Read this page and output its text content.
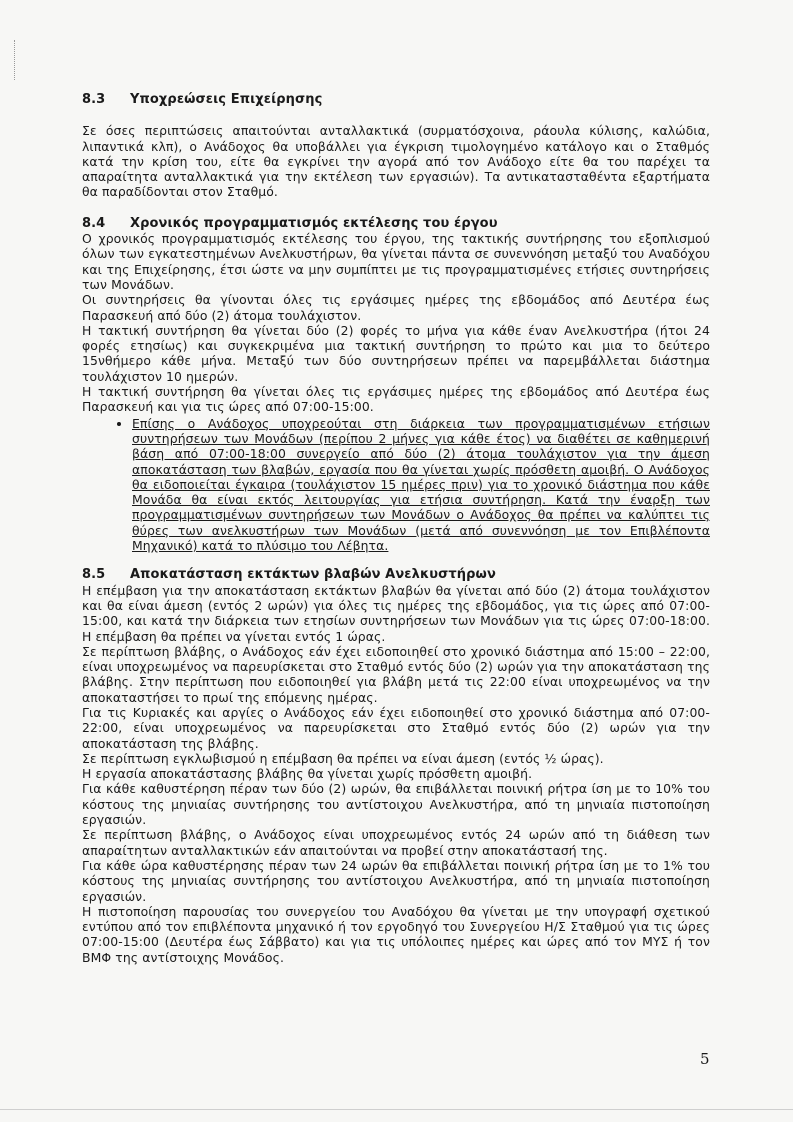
8.3	Υποχρεώσεις Επιχείρησης

Σε όσες περιπτώσεις απαιτούνται ανταλλακτικά (συρματόσχοινα, ράουλα κύλισης, καλώδια, λιπαντικά κλπ), ο Ανάδοχος θα υποβάλλει για έγκριση τιμολογημένο κατάλογο και ο Σταθμός κατά την κρίση του, είτε θα εγκρίνει την αγορά από τον Ανάδοχο είτε θα του παρέχει τα απαραίτητα ανταλλακτικά για την εκτέλεση των εργασιών). Τα αντικατασταθέντα εξαρτήματα θα παραδίδονται στον Σταθμό.

8.4	Χρονικός προγραμματισμός εκτέλεσης του έργου

Ο χρονικός προγραμματισμός εκτέλεσης του έργου, της τακτικής συντήρησης του εξοπλισμού όλων των εγκατεστημένων Ανελκυστήρων, θα γίνεται πάντα σε συνεννόηση μεταξύ του Αναδόχου και της Επιχείρησης, έτσι ώστε να μην συμπίπτει με τις προγραμματισμένες ετήσιες συντηρήσεις των Μονάδων.

Οι συντηρήσεις θα γίνονται όλες τις εργάσιμες ημέρες της εβδομάδος από Δευτέρα έως Παρασκευή από δύο (2) άτομα τουλάχιστον.

Η τακτική συντήρηση θα γίνεται δύο (2) φορές το μήνα για κάθε έναν Ανελκυστήρα (ήτοι 24 φορές ετησίως) και συγκεκριμένα μια τακτική συντήρηση το πρώτο και μια το δεύτερο 15νθήμερο κάθε μήνα. Μεταξύ των δύο συντηρήσεων πρέπει να παρεμβάλλεται διάστημα τουλάχιστον 10 ημερών.

Η τακτική συντήρηση θα γίνεται όλες τις εργάσιμες ημέρες της εβδομάδος από Δευτέρα έως Παρασκευή και για τις ώρες από 07:00-15:00.

• Επίσης ο Ανάδοχος υποχρεούται στη διάρκεια των προγραμματισμένων ετήσιων συντηρήσεων των Μονάδων (περίπου 2 μήνες για κάθε έτος) να διαθέτει σε καθημερινή βάση από 07:00-18:00 συνεργείο από δύο (2) άτομα τουλάχιστον για την άμεση αποκατάσταση των βλαβών, εργασία που θα γίνεται χωρίς πρόσθετη αμοιβή. Ο Ανάδοχος θα ειδοποιείται έγκαιρα (τουλάχιστον 15 ημέρες πριν) για το χρονικό διάστημα που κάθε Μονάδα θα είναι εκτός λειτουργίας για ετήσια συντήρηση. Κατά την έναρξη των προγραμματισμένων συντηρήσεων των Μονάδων ο Ανάδοχος θα πρέπει να καλύπτει τις θύρες των ανελκυστήρων των Μονάδων (μετά από συνεννόηση με τον Επιβλέποντα Μηχανικό) κατά το πλύσιμο του Λέβητα.
8.5	Αποκατάσταση εκτάκτων βλαβών Ανελκυστήρων

Η επέμβαση για την αποκατάσταση εκτάκτων βλαβών θα γίνεται από δύο (2) άτομα τουλάχιστον και θα είναι άμεση (εντός 2 ωρών) για όλες τις ημέρες της εβδομάδος, για τις ώρες από 07:00-15:00, και κατά την διάρκεια των ετησίων συντηρήσεων των Μονάδων για τις ώρες 07:00-18:00. Η επέμβαση θα πρέπει να γίνεται εντός 1 ώρας.

Σε περίπτωση βλάβης, ο Ανάδοχος εάν έχει ειδοποιηθεί στο χρονικό διάστημα από 15:00 – 22:00, είναι υποχρεωμένος να παρευρίσκεται στο Σταθμό εντός δύο (2) ωρών για την αποκατάσταση της βλάβης. Στην περίπτωση που ειδοποιηθεί για βλάβη μετά τις 22:00 είναι υποχρεωμένος να την αποκαταστήσει το πρωί της επόμενης ημέρας.

Για τις Κυριακές και αργίες ο Ανάδοχος εάν έχει ειδοποιηθεί στο χρονικό διάστημα από 07:00-22:00, είναι υποχρεωμένος να παρευρίσκεται στο Σταθμό εντός δύο (2) ωρών για την αποκατάσταση της βλάβης.

Σε περίπτωση εγκλωβισμού η επέμβαση θα πρέπει να είναι άμεση (εντός ½ ώρας).

Η εργασία αποκατάστασης βλάβης θα γίνεται χωρίς πρόσθετη αμοιβή.

Για κάθε καθυστέρηση πέραν των δύο (2) ωρών, θα επιβάλλεται ποινική ρήτρα ίση με το 10% του κόστους της μηνιαίας συντήρησης του αντίστοιχου Ανελκυστήρα, από τη μηνιαία πιστοποίηση εργασιών.

Σε περίπτωση βλάβης, ο Ανάδοχος είναι υποχρεωμένος εντός 24 ωρών από τη διάθεση των απαραίτητων ανταλλακτικών εάν απαιτούνται να προβεί στην αποκατάστασή της.

Για κάθε ώρα καθυστέρησης πέραν των 24 ωρών θα επιβάλλεται ποινική ρήτρα ίση με το 1% του κόστους της μηνιαίας συντήρησης του αντίστοιχου Ανελκυστήρα, από τη μηνιαία πιστοποίηση εργασιών.

Η πιστοποίηση παρουσίας του συνεργείου του Αναδόχου θα γίνεται με την υπογραφή σχετικού εντύπου από τον επιβλέποντα μηχανικό ή τον εργοδηγό του Συνεργείου Η/Σ Σταθμού για τις ώρες 07:00-15:00 (Δευτέρα έως Σάββατο) και για τις υπόλοιπες ημέρες και ώρες από τον ΜΥΣ ή τον ΒΜΦ της αντίστοιχης Μονάδος.

5
